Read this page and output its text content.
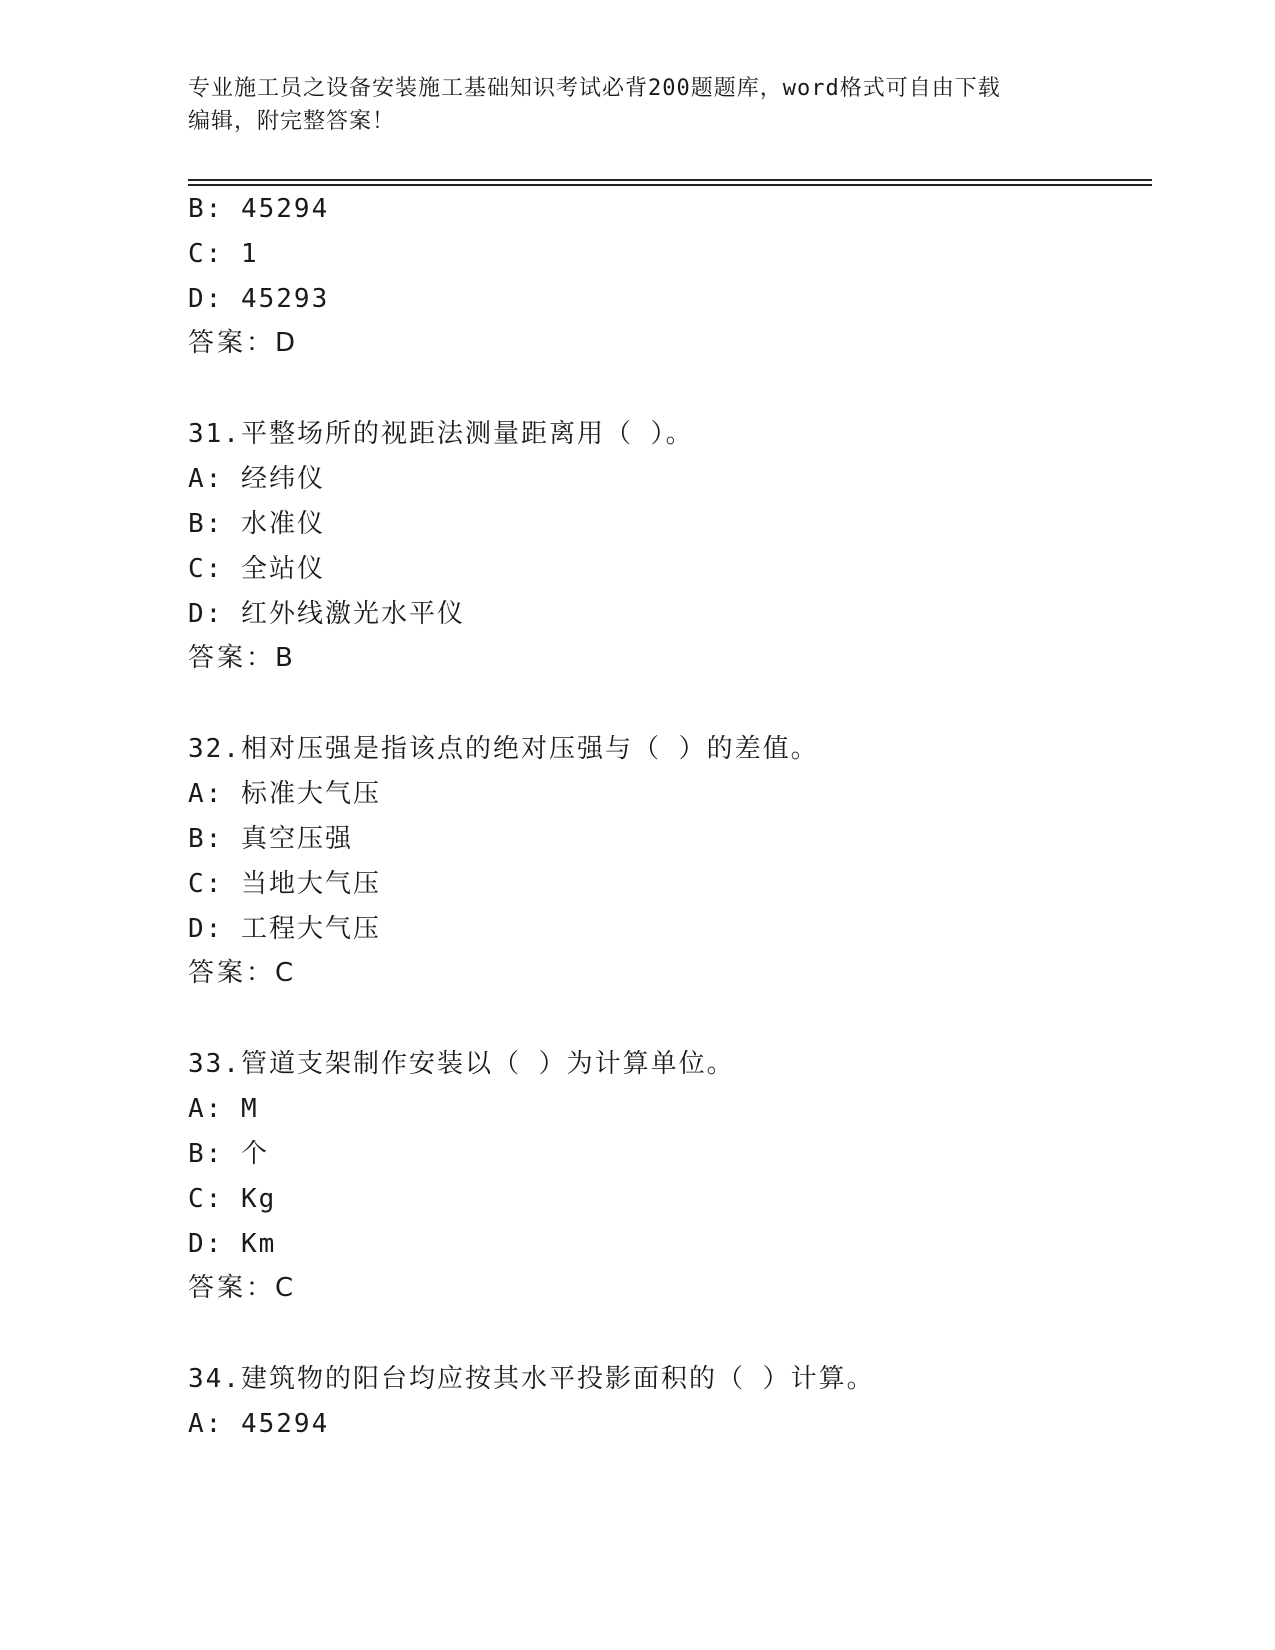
专业施工员之设备安装施工基础知识考试必背200题题库，word格式可自由下载
编辑，附完整答案！
B: 45294
C: 1
D: 45293
答案：D
31.平整场所的视距法测量距离用（ ）。
A: 经纬仪
B: 水准仪
C: 全站仪
D: 红外线激光水平仪
答案：B
32.相对压强是指该点的绝对压强与（ ）的差值。
A: 标准大气压
B: 真空压强
C: 当地大气压
D: 工程大气压
答案：C
33.管道支架制作安装以（ ）为计算单位。
A: M
B: 个
C: Kg
D: Km
答案：C
34.建筑物的阳台均应按其水平投影面积的（ ）计算。
A: 45294
